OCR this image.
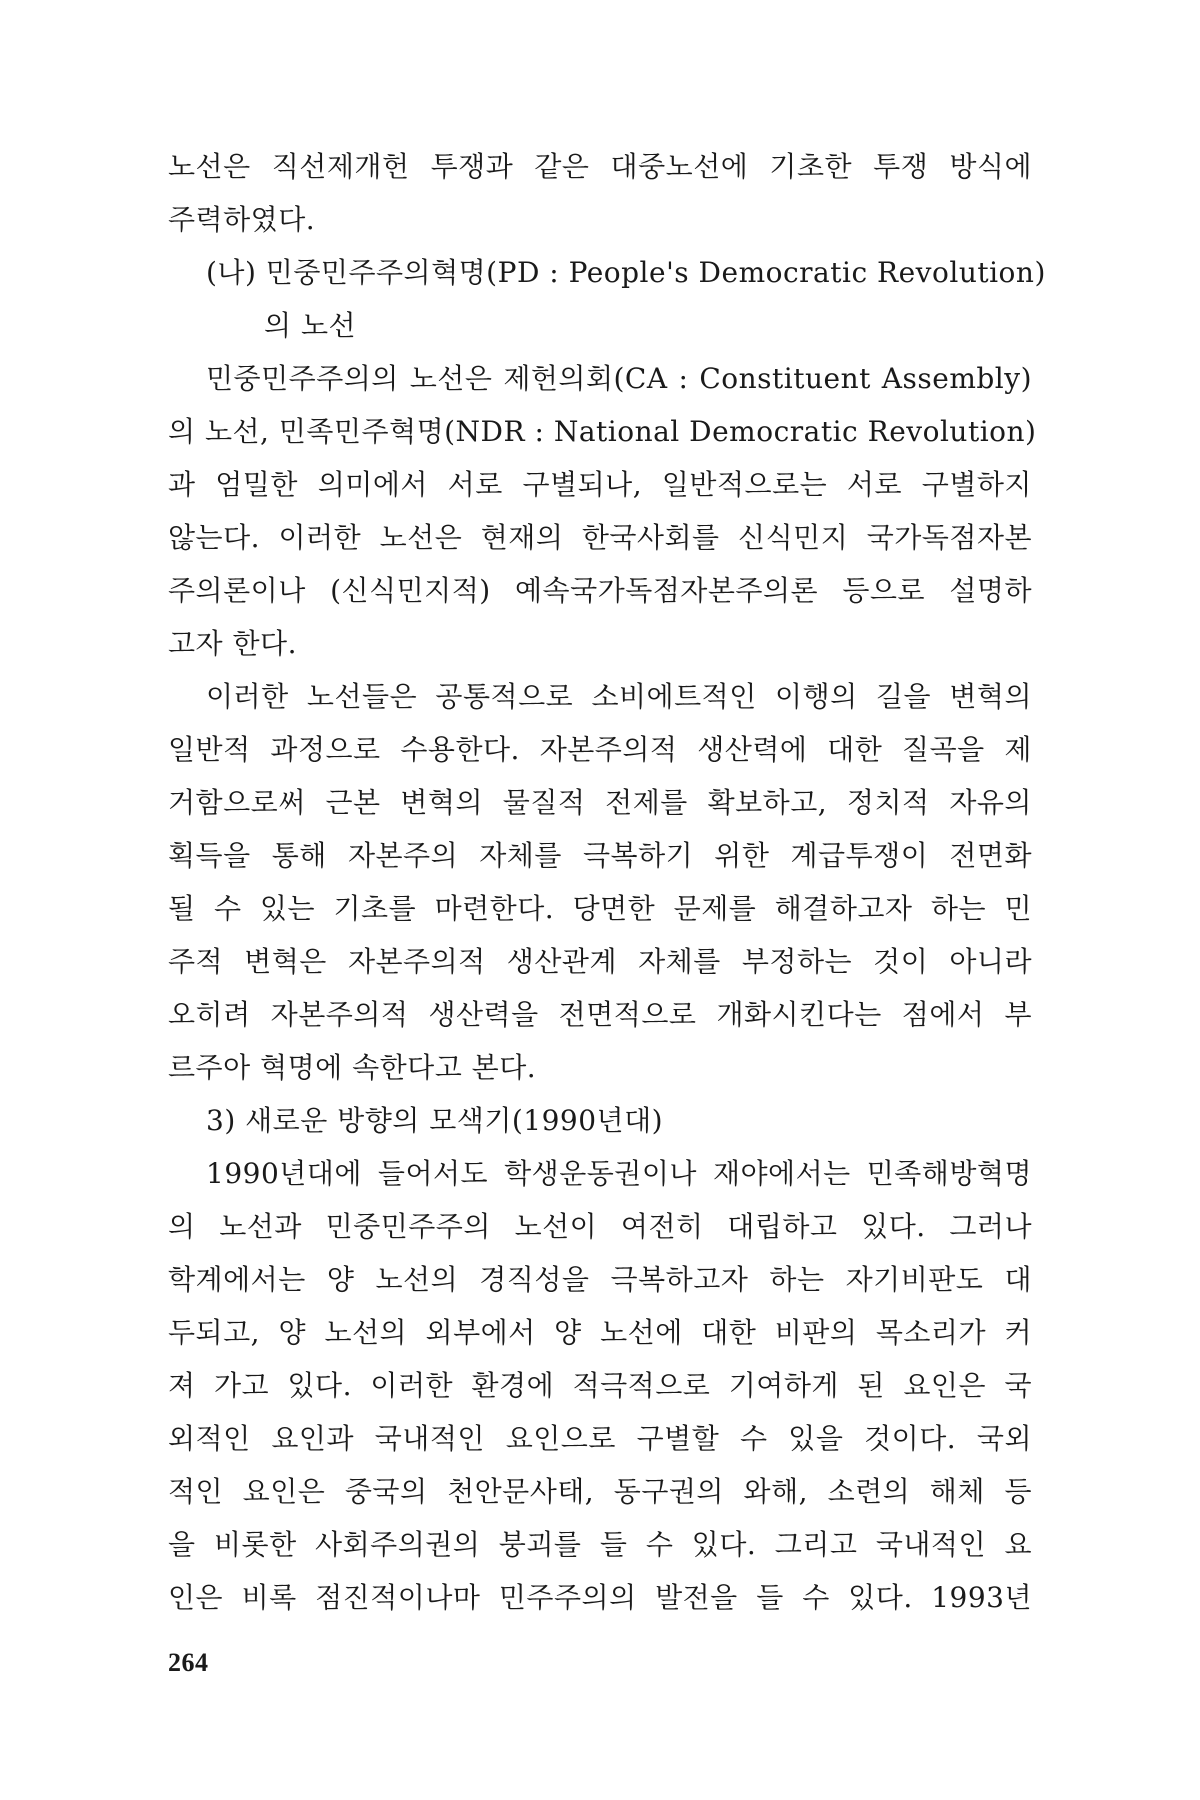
노선은 직선제개헌 투쟁과 같은 대중노선에 기초한 투쟁 방식에
주력하였다.
(나) 민중민주주의혁명(PD : People's Democratic Revolution)
의 노선
민중민주주의의 노선은 제헌의회(CA : Constituent Assembly)
의 노선, 민족민주혁명(NDR : National Democratic Revolution)
과 엄밀한 의미에서 서로 구별되나, 일반적으로는 서로 구별하지
않는다. 이러한 노선은 현재의 한국사회를 신식민지 국가독점자본
주의론이나 (신식민지적) 예속국가독점자본주의론 등으로 설명하
고자 한다.
이러한 노선들은 공통적으로 소비에트적인 이행의 길을 변혁의
일반적 과정으로 수용한다. 자본주의적 생산력에 대한 질곡을 제
거함으로써 근본 변혁의 물질적 전제를 확보하고, 정치적 자유의
획득을 통해 자본주의 자체를 극복하기 위한 계급투쟁이 전면화
될 수 있는 기초를 마련한다. 당면한 문제를 해결하고자 하는 민
주적 변혁은 자본주의적 생산관계 자체를 부정하는 것이 아니라
오히려 자본주의적 생산력을 전면적으로 개화시킨다는 점에서 부
르주아 혁명에 속한다고 본다.
3) 새로운 방향의 모색기(1990년대)
1990년대에 들어서도 학생운동권이나 재야에서는 민족해방혁명
의 노선과 민중민주주의 노선이 여전히 대립하고 있다. 그러나
학계에서는 양 노선의 경직성을 극복하고자 하는 자기비판도 대
두되고, 양 노선의 외부에서 양 노선에 대한 비판의 목소리가 커
져 가고 있다. 이러한 환경에 적극적으로 기여하게 된 요인은 국
외적인 요인과 국내적인 요인으로 구별할 수 있을 것이다. 국외
적인 요인은 중국의 천안문사태, 동구권의 와해, 소련의 해체 등
을 비롯한 사회주의권의 붕괴를 들 수 있다. 그리고 국내적인 요
인은 비록 점진적이나마 민주주의의 발전을 들 수 있다. 1993년
264
